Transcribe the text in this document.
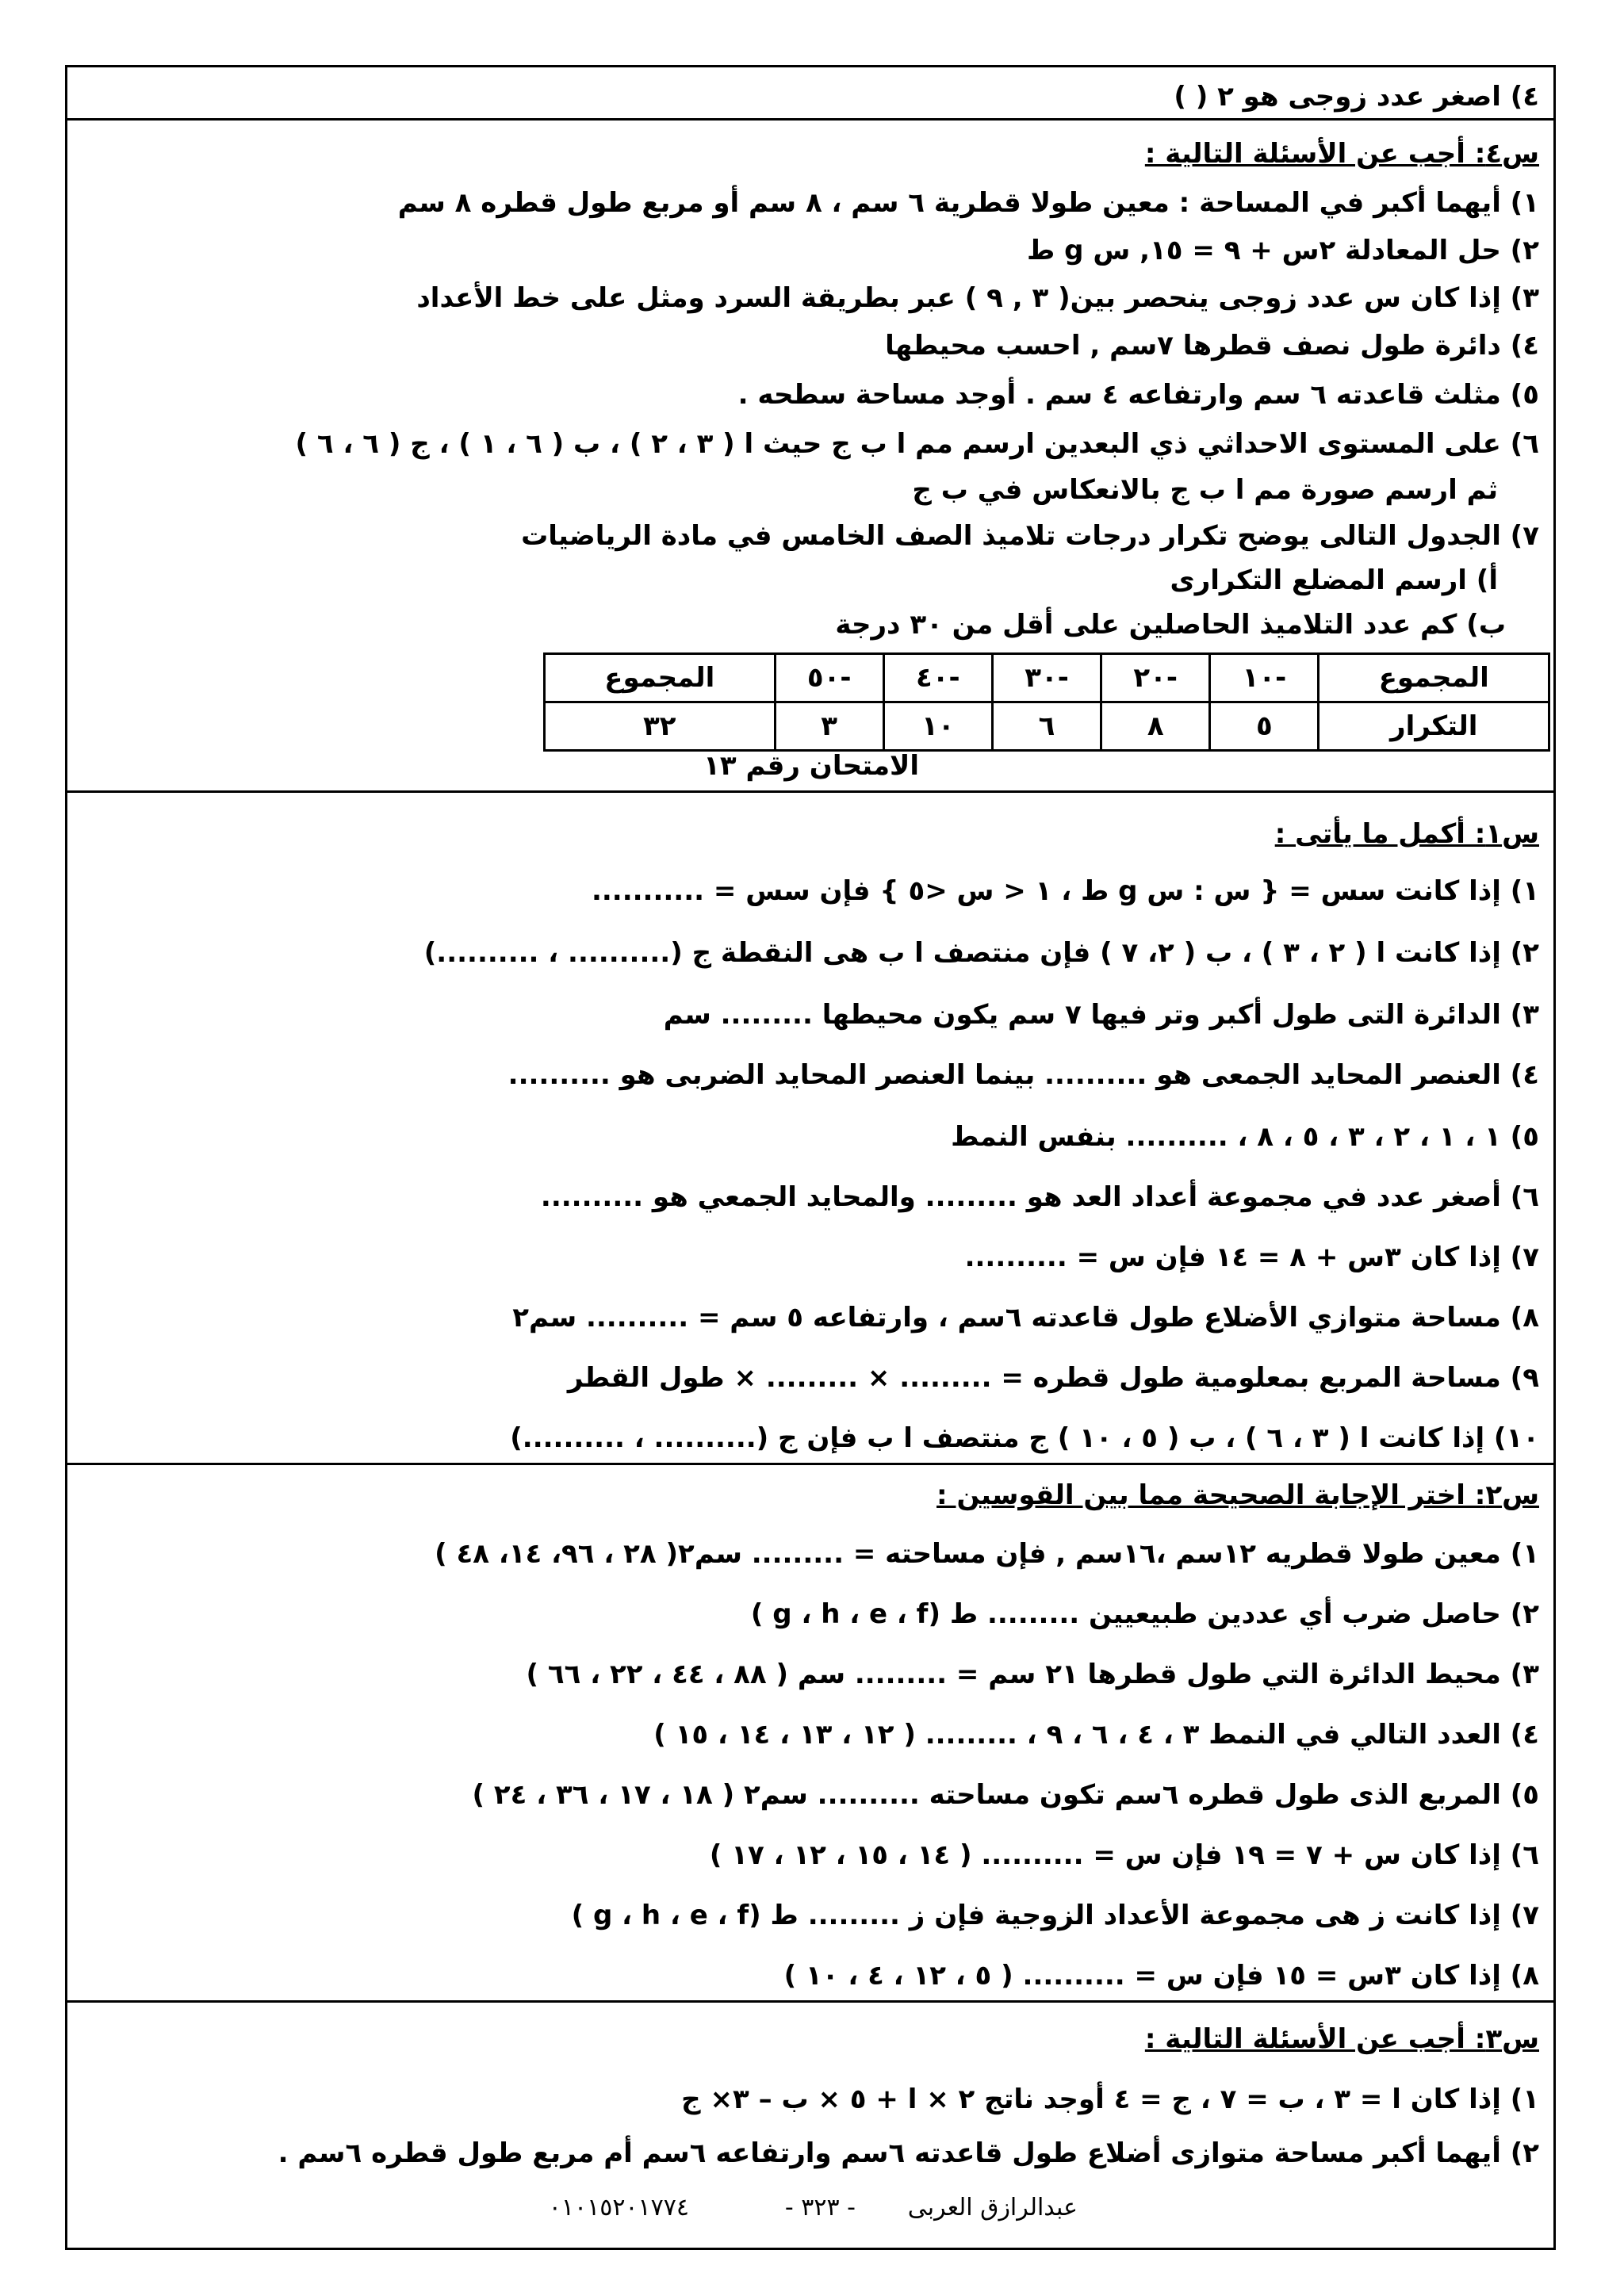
٤) اصغر عدد زوجى هو ٢ ( )
س٤: أجب عن الأسئلة التالية :
١) أيهما أكبر في المساحة : معين طولا قطرية ٦ سم ، ٨ سم أو مربع طول قطره ٨ سم
٢) حل المعادلة ٢س + ٩ = ١٥, س g ط
٣) إذا كان س عدد زوجى ينحصر بين( ٣ , ٩ ) عبر بطريقة السرد ومثل على خط الأعداد
٤) دائرة طول نصف قطرها ٧سم , احسب محيطها
٥) مثلث قاعدته ٦ سم وارتفاعه ٤ سم . أوجد مساحة سطحه .
٦) على المستوى الاحداثي ذي البعدين ارسم مم ا ب ج حيث ا ( ٣ ، ٢ ) ، ب ( ٦ ، ١ ) ، ج ( ٦ ، ٦ )
ثم ارسم صورة مم ا ب ج بالانعكاس في ب ج
٧) الجدول التالى يوضح تكرار درجات تلاميذ الصف الخامس في مادة الرياضيات
أ) ارسم المضلع التكرارى
ب) كم عدد التلاميذ الحاصلين على أقل من ٣٠ درجة
المجموع	-١٠	-٢٠	-٣٠	-٤٠	-٥٠	المجموع
التكرار	٥	٨	٦	١٠	٣	٣٢
الامتحان رقم ١٣
س١: أكمل ما يأتى :
١) إذا كانت سس = { س : س g ط ، ١ < س <٥ } فإن سس = ...........
٢) إذا كانت ا ( ٢ ، ٣ ) ، ب ( ٢، ٧ ) فإن منتصف ا ب هى النقطة ج (.......... ، ..........)
٣) الدائرة التى طول أكبر وتر فيها ٧ سم يكون محيطها ......... سم
٤) العنصر المحايد الجمعى هو .......... بينما العنصر المحايد الضربى هو ..........
٥) ١ ، ١ ، ٢ ، ٣ ، ٥ ، ٨ ، .......... بنفس النمط
٦) أصغر عدد في مجموعة أعداد العد هو ......... والمحايد الجمعي هو ..........
٧) إذا كان ٣س + ٨ = ١٤ فإن س = ..........
٨) مساحة متوازي الأضلاع طول قاعدته ٦سم ، وارتفاعه ٥ سم = .......... سم٢
٩) مساحة المربع بمعلومية طول قطره = ......... × ......... × طول القطر
١٠) إذا كانت ا ( ٣ ، ٦ ) ، ب ( ٥ ، ١٠ ) ج منتصف ا ب فإن ج (.......... ، ..........)
س٢: اختر الإجابة الصحيحة مما بين القوسين :
١) معين طولا قطريه ١٢سم ،١٦سم , فإن مساحته = ......... سم٢( ٢٨ ، ٩٦، ١٤، ٤٨ )
٢) حاصل ضرب أي عددين طبيعيين ......... ط (g ، h ، e ، f )
٣) محيط الدائرة التي طول قطرها ٢١ سم = ......... سم ( ٨٨ ، ٤٤ ، ٢٢ ، ٦٦ )
٤) العدد التالي في النمط ٣ ، ٤ ، ٦ ، ٩ ، ......... ( ١٢ ، ١٣ ، ١٤ ، ١٥ )
٥) المربع الذى طول قطره ٦سم تكون مساحته .......... سم٢ ( ١٨ ، ١٧ ، ٣٦ ، ٢٤ )
٦) إذا كان س + ٧ = ١٩ فإن س = .......... ( ١٤ ، ١٥ ، ١٢ ، ١٧ )
٧) إذا كانت ز هى مجموعة الأعداد الزوجية فإن ز ......... ط (g ، h ، e ، f )
٨) إذا كان ٣س = ١٥ فإن س = .......... ( ٥ ، ١٢ ، ٤ ، ١٠ )
س٣: أجب عن الأسئلة التالية :
١) إذا كان ا = ٣ ، ب = ٧ ، ج = ٤ أوجد ناتج ٢ × ا + ٥ × ب – ٣× ج
٢) أيهما أكبر مساحة متوازى أضلاع طول قاعدته ٦سم وارتفاعه ٦سم أم مربع طول قطره ٦سم .
عبدالرازق العربى
- ٣٢٣ -
٠١٠١٥٢٠١٧٧٤
